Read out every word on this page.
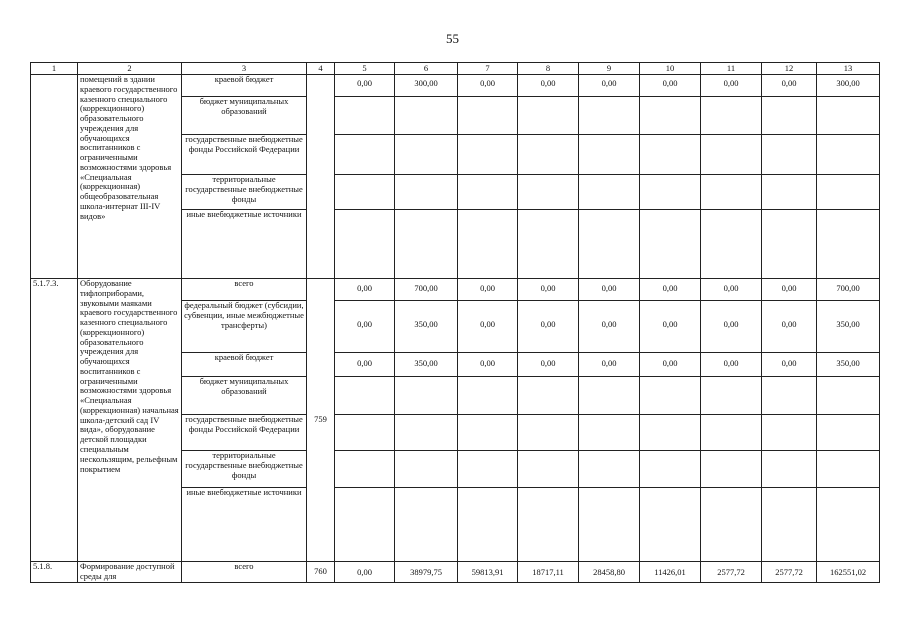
55
1	2	3	4	5	6	7	8	9	10	11	12	13
	помещений в здании краевого государственного казенного специального (коррекционного) образовательного учреждения для обучающихся воспитанников с ограниченными возможностями здоровья «Специальная (коррекционная) общеобразовательная школа-интернат III-IV видов»	краевой бюджет		0,00	300,00	0,00	0,00	0,00	0,00	0,00	0,00	300,00
		бюджет муниципальных образований										
		государственные внебюджетные фонды Российской Федерации										
		территориальные государственные внебюджетные фонды										
		иные внебюджетные источники										
5.1.7.3.	Оборудование тифлоприборами, звуковыми маяками краевого государственного казенного специального (коррекционного) образовательного учреждения для обучающихся воспитанников с ограниченными возможностями здоровья «Специальная (коррекционная) начальная школа-детский сад IV вида», оборудование детской площадки специальным нескользящим, рельефным покрытием	всего	759	0,00	700,00	0,00	0,00	0,00	0,00	0,00	0,00	700,00
		федеральный бюджет (субсидии, субвенции, иные межбюджетные трансферты)		0,00	350,00	0,00	0,00	0,00	0,00	0,00	0,00	350,00
		краевой бюджет		0,00	350,00	0,00	0,00	0,00	0,00	0,00	0,00	350,00
		бюджет муниципальных образований										
		государственные внебюджетные фонды Российской Федерации										
		территориальные государственные внебюджетные фонды										
		иные внебюджетные источники										
5.1.8.	Формирование доступной среды для	всего	760	0,00	38979,75	59813,91	18717,11	28458,80	11426,01	2577,72	2577,72	162551,02
